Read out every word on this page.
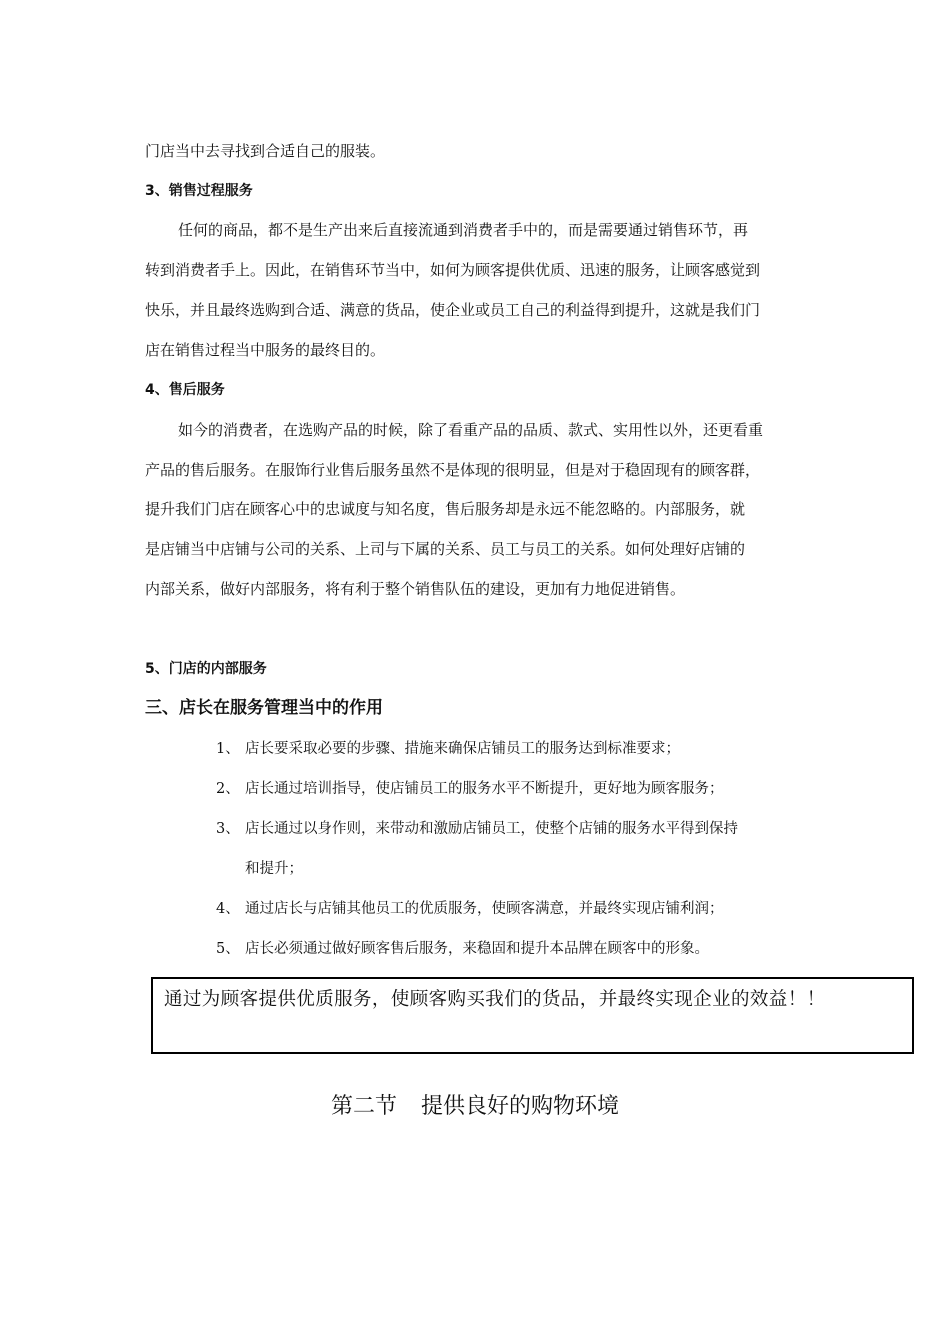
门店当中去寻找到合适自己的服装。
3、销售过程服务
任何的商品，都不是生产出来后直接流通到消费者手中的，而是需要通过销售环节，再
转到消费者手上。因此，在销售环节当中，如何为顾客提供优质、迅速的服务，让顾客感觉到
快乐，并且最终选购到合适、满意的货品，使企业或员工自己的利益得到提升，这就是我们门
店在销售过程当中服务的最终目的。
4、售后服务
如今的消费者，在选购产品的时候，除了看重产品的品质、款式、实用性以外，还更看重
产品的售后服务。在服饰行业售后服务虽然不是体现的很明显，但是对于稳固现有的顾客群，
提升我们门店在顾客心中的忠诚度与知名度，售后服务却是永远不能忽略的。内部服务，就
是店铺当中店铺与公司的关系、上司与下属的关系、员工与员工的关系。如何处理好店铺的
内部关系，做好内部服务，将有利于整个销售队伍的建设，更加有力地促进销售。
5、门店的内部服务
三、店长在服务管理当中的作用
1、 店长要采取必要的步骤、措施来确保店铺员工的服务达到标准要求；
2、 店长通过培训指导，使店铺员工的服务水平不断提升，更好地为顾客服务；
3、 店长通过以身作则，来带动和激励店铺员工，使整个店铺的服务水平得到保持
和提升；
4、 通过店长与店铺其他员工的优质服务，使顾客满意，并最终实现店铺利润；
5、 店长必须通过做好顾客售后服务，来稳固和提升本品牌在顾客中的形象。
通过为顾客提供优质服务，使顾客购买我们的货品，并最终实现企业的效益！！
第二节 提供良好的购物环境
